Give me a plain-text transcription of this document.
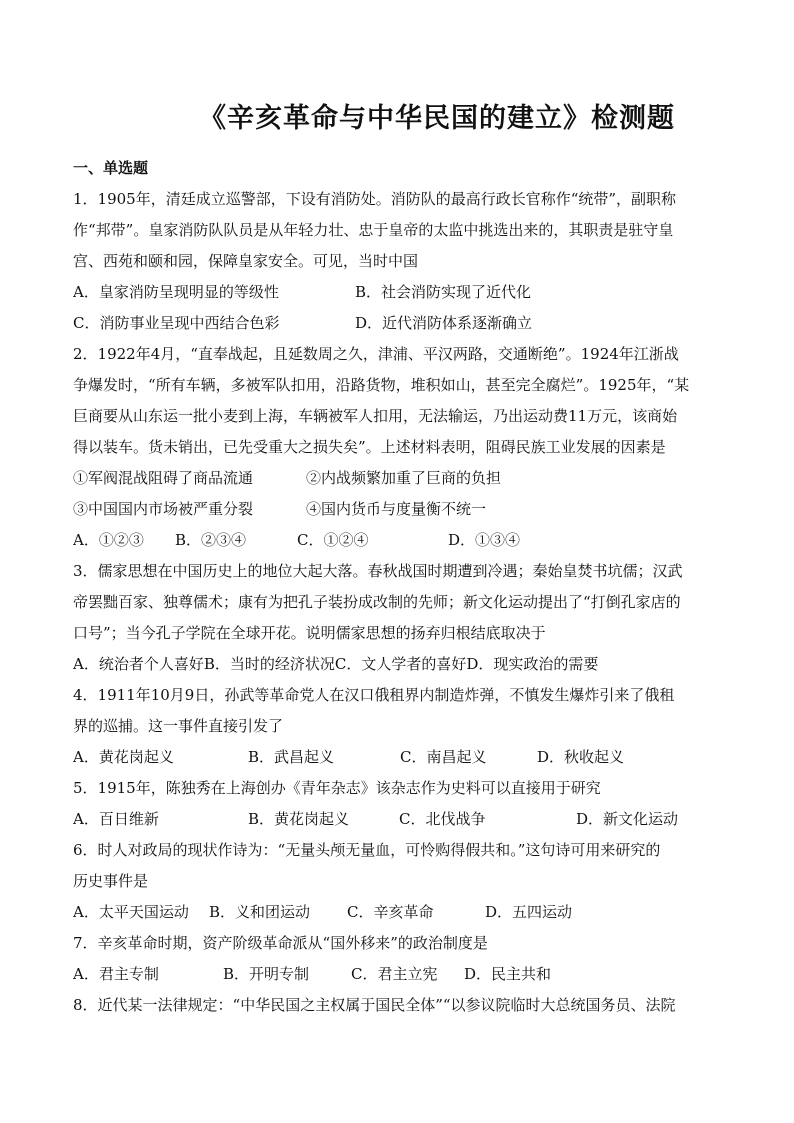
《辛亥革命与中华民国的建立》检测题
一、单选题
1．1905年，清廷成立巡警部，下设有消防处。消防队的最高行政长官称作“统带”，副职称
作“邦带”。皇家消防队队员是从年轻力壮、忠于皇帝的太监中挑选出来的，其职责是驻守皇
宫、西苑和颐和园，保障皇家安全。可见，当时中国
A．皇家消防呈现明显的等级性	B．社会消防实现了近代化
C．消防事业呈现中西结合色彩	D．近代消防体系逐渐确立
2．1922年4月，“直奉战起，且延数周之久，津浦、平汉两路，交通断绝”。1924年江浙战
争爆发时，“所有车辆，多被军队扣用，沿路货物，堆积如山，甚至完全腐烂”。1925年，“某
巨商要从山东运一批小麦到上海，车辆被军人扣用，无法输运，乃出运动费11万元，该商始
得以装车。货未销出，已先受重大之损失矣”。上述材料表明，阻碍民族工业发展的因素是
①军阀混战阻碍了商品流通	②内战频繁加重了巨商的负担
③中国国内市场被严重分裂	④国内货币与度量衡不统一
A．①②③	B．②③④	C．①②④	D．①③④
3．儒家思想在中国历史上的地位大起大落。春秋战国时期遭到冷遇；秦始皇焚书坑儒；汉武
帝罢黜百家、独尊儒术；康有为把孔子装扮成改制的先师；新文化运动提出了“打倒孔家店的
口号”；当今孔子学院在全球开花。说明儒家思想的扬弃归根结底取决于
A．统治者个人喜好B．当时的经济状况C．文人学者的喜好D．现实政治的需要
4．1911年10月9日，孙武等革命党人在汉口俄租界内制造炸弹，不慎发生爆炸引来了俄租
界的巡捕。这一事件直接引发了
A．黄花岗起义	B．武昌起义	C．南昌起义	D．秋收起义
5．1915年，陈独秀在上海创办《青年杂志》该杂志作为史料可以直接用于研究
A．百日维新	B．黄花岗起义	C．北伐战争	D．新文化运动
6．时人对政局的现状作诗为：“无量头颅无量血，可怜购得假共和。”这句诗可用来研究的
历史事件是
A．太平天国运动	B．义和团运动	C．辛亥革命	D．五四运动
7．辛亥革命时期，资产阶级革命派从“国外移来”的政治制度是
A．君主专制	B．开明专制	C．君主立宪	D．民主共和
8．近代某一法律规定：“中华民国之主权属于国民全体”“以参议院临时大总统国务员、法院
